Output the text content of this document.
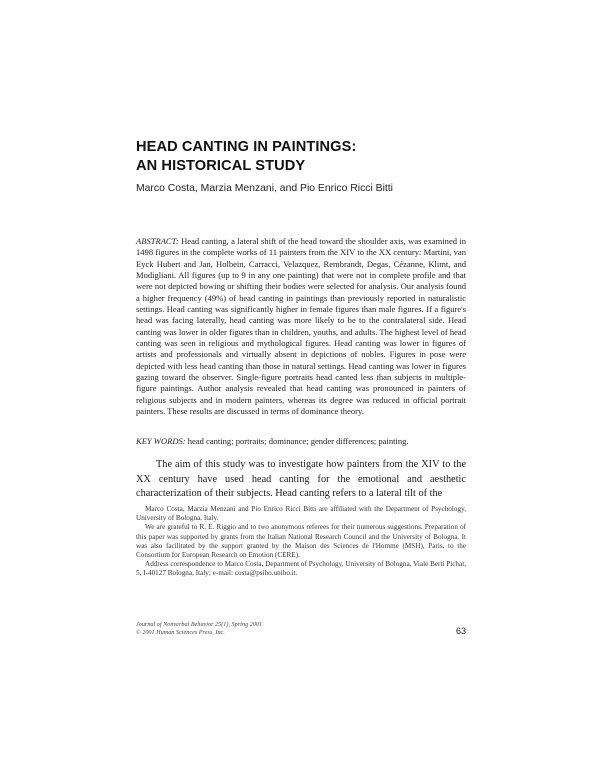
HEAD CANTING IN PAINTINGS:
AN HISTORICAL STUDY

Marco Costa, Marzia Menzani, and Pio Enrico Ricci Bitti

ABSTRACT: Head canting, a lateral shift of the head toward the shoulder axis, was examined in 1498 figures in the complete works of 11 painters from the XIV to the XX century: Martini, van Eyck Hubert and Jan, Holbein, Carracci, Velazquez, Rembrandt, Degas, Cézanne, Klimt, and Modigliani. All figures (up to 9 in any one painting) that were not in complete profile and that were not depicted bowing or shifting their bodies were selected for analysis. Our analysis found a higher frequency (49%) of head canting in paintings than previously reported in naturalistic settings. Head canting was significantly higher in female figures than male figures. If a figure's head was facing laterally, head canting was more likely to be to the contralateral side. Head canting was lower in older figures than in children, youths, and adults. The highest level of head canting was seen in religious and mythological figures. Head canting was lower in figures of artists and professionals and virtually absent in depictions of nobles. Figures in pose were depicted with less head canting than those in natural settings. Head canting was lower in figures gazing toward the observer. Single-figure portraits head canted less than subjects in multiple-figure paintings. Author analysis revealed that head canting was pronounced in painters of religious subjects and in modern painters, whereas its degree was reduced in official portrait painters. These results are discussed in terms of dominance theory.

KEY WORDS: head canting; portraits; dominance; gender differences; painting.

The aim of this study was to investigate how painters from the XIV to the XX century have used head canting for the emotional and aesthetic characterization of their subjects. Head canting refers to a lateral tilt of the

Marco Costa, Marzia Menzani and Pio Enrico Ricci Bitti are affiliated with the Department of Psychology, University of Bologna, Italy.

We are grateful to R. E. Riggio and to two anonymous referees for their numerous suggestions. Preparation of this paper was supported by grants from the Italian National Research Council and the University of Bologna. It was also facilitated by the support granted by the Maison des Sciences de l'Homme (MSH), Paris, to the Consortium for European Research on Emotion (CERE).

Address correspondence to Marco Costa, Department of Psychology, University of Bologna, Viale Berti Pichat, 5, I-40127 Bologna, Italy; e-mail: costa@psibo.unibo.it.

Journal of Nonverbal Behavior 25(1), Spring 2001
© 2001 Human Sciences Press, Inc.	63
